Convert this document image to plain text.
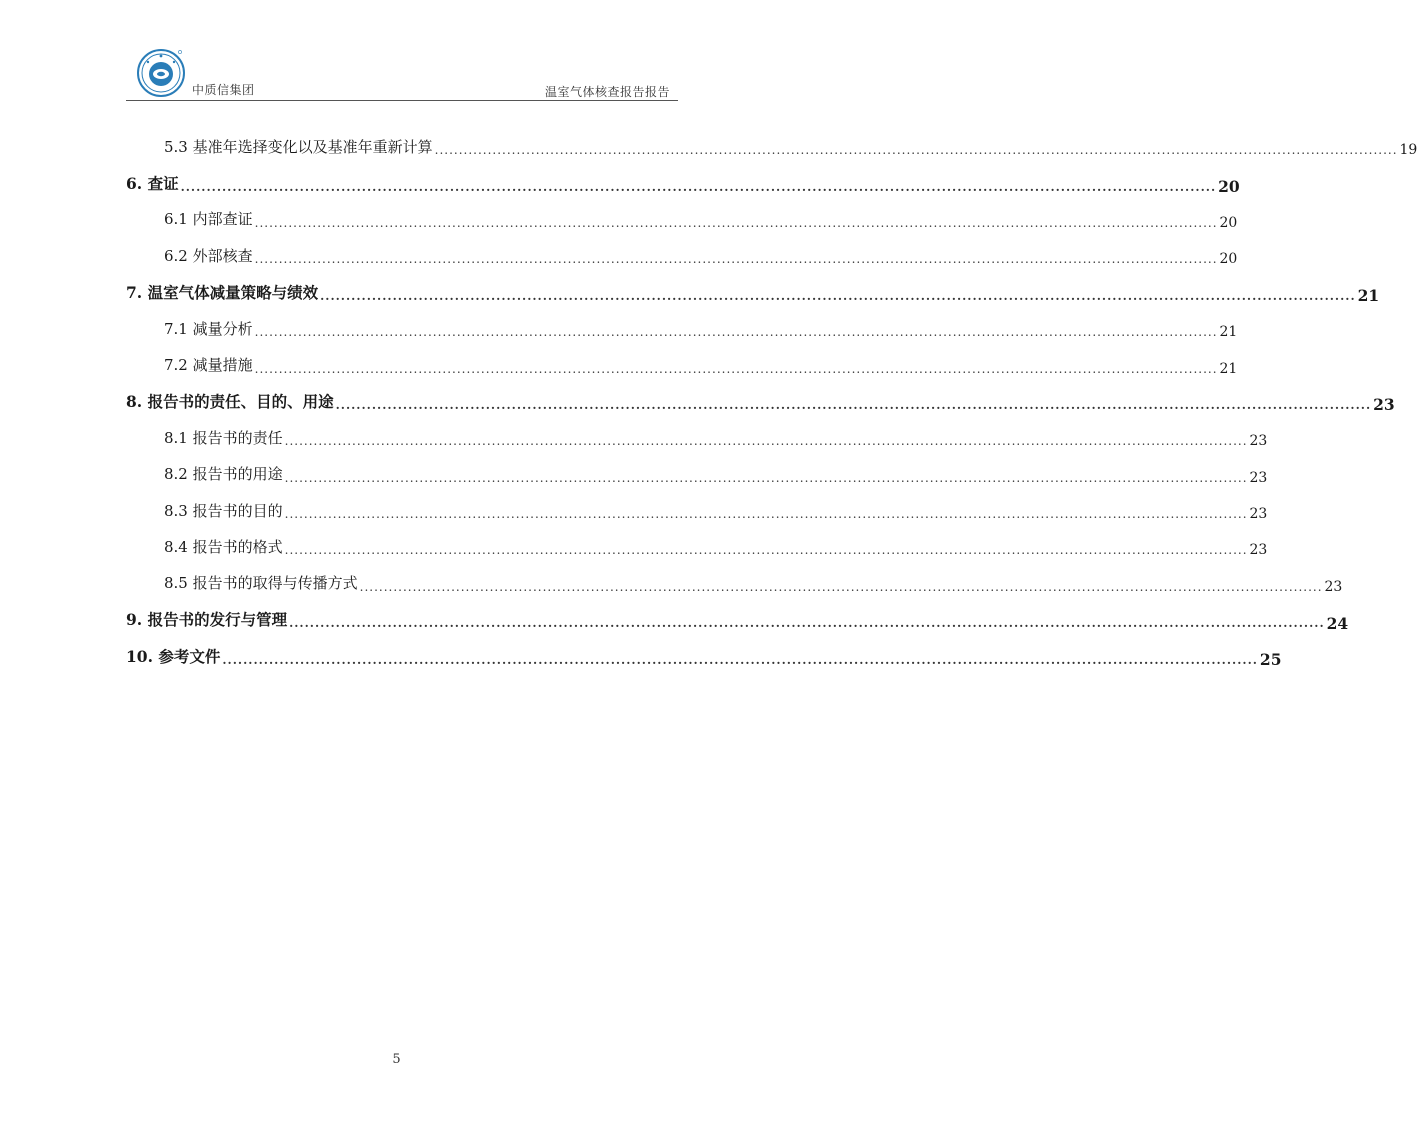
中质信集团	温室气体核查报告报告
5.3 基准年选择变化以及基准年重新计算 ........................................................................................................................................................................................................ 19
6. 查证 ........................................................................................................................................................................................................ 20
6.1 内部查证 ........................................................................................................................................................................................................ 20
6.2 外部核查 ........................................................................................................................................................................................................ 20
7. 温室气体减量策略与绩效 ........................................................................................................................................................................................................ 21
7.1 减量分析 ........................................................................................................................................................................................................ 21
7.2 减量措施 ........................................................................................................................................................................................................ 21
8. 报告书的责任、目的、用途 ........................................................................................................................................................................................................ 23
8.1 报告书的责任 ........................................................................................................................................................................................................ 23
8.2 报告书的用途 ........................................................................................................................................................................................................ 23
8.3 报告书的目的 ........................................................................................................................................................................................................ 23
8.4 报告书的格式 ........................................................................................................................................................................................................ 23
8.5 报告书的取得与传播方式 ........................................................................................................................................................................................................ 23
9. 报告书的发行与管理 ........................................................................................................................................................................................................ 24
10. 参考文件 ........................................................................................................................................................................................................ 25
5
